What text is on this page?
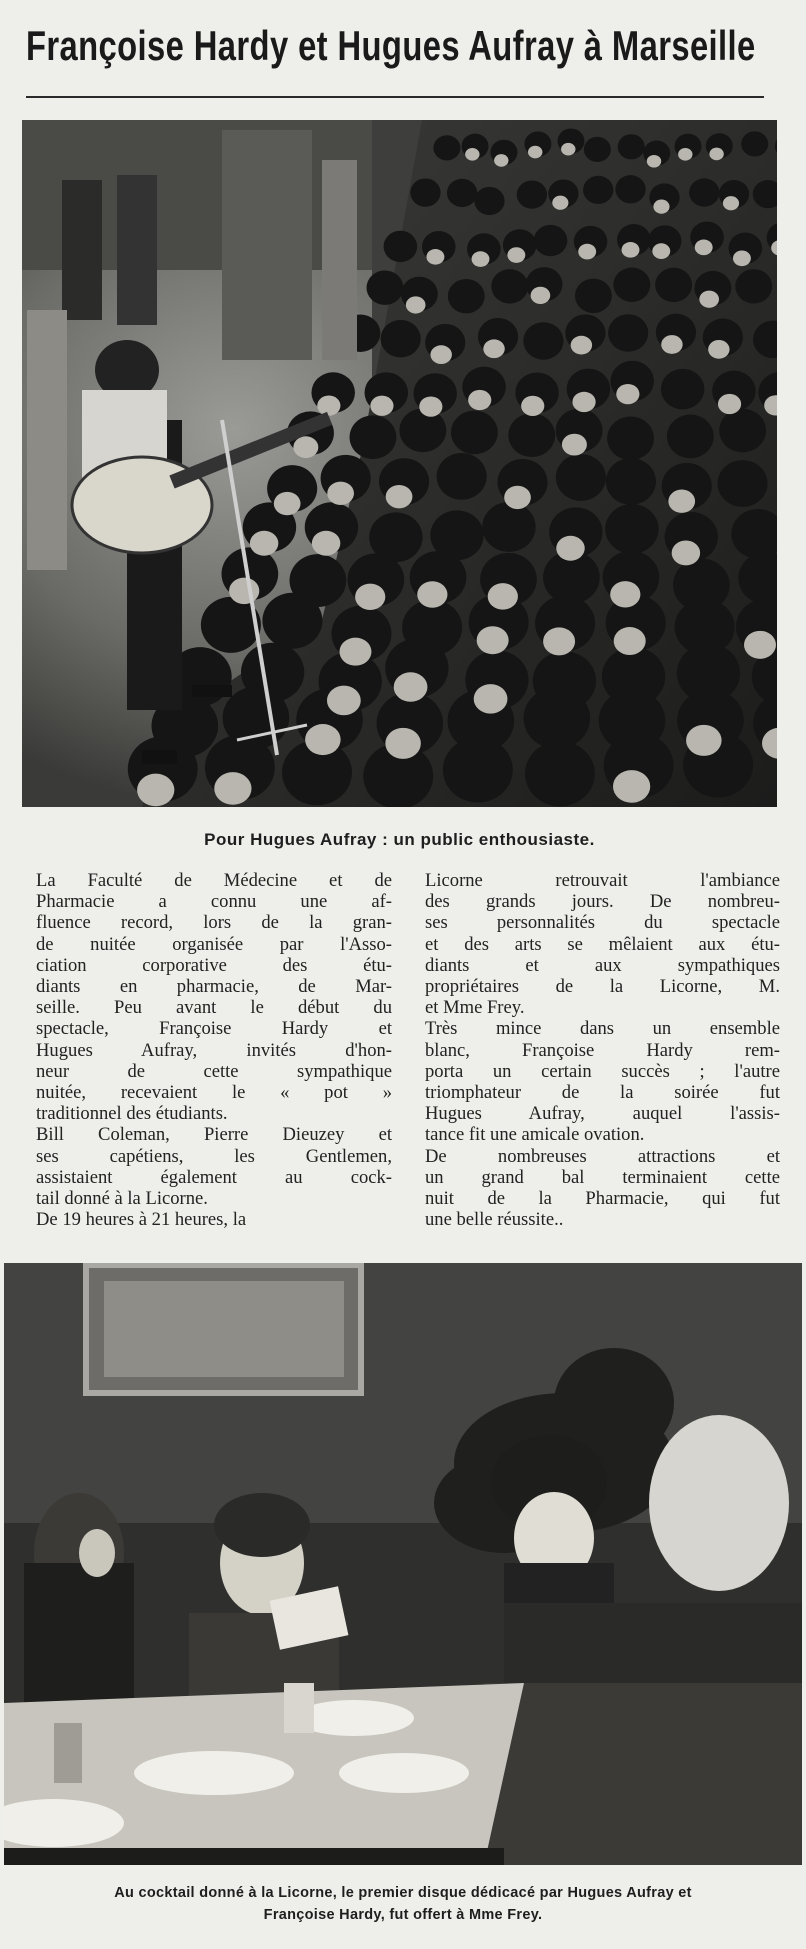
Françoise Hardy et Hugues Aufray à Marseille
Pour Hugues Aufray : un public enthousiaste.
La Faculté de Médecine et de
Pharmacie a connu une af-
fluence record, lors de la gran-
de nuitée organisée par l'Asso-
ciation corporative des étu-
diants en pharmacie, de Mar-
seille. Peu avant le début du
spectacle, Françoise Hardy et
Hugues Aufray, invités d'hon-
neur de cette sympathique
nuitée, recevaient le « pot »
traditionnel des étudiants.
Bill Coleman, Pierre Dieuzey et
ses capétiens, les Gentlemen,
assistaient également au cock-
tail donné à la Licorne.
De 19 heures à 21 heures, la
Licorne retrouvait l'ambiance
des grands jours. De nombreu-
ses personnalités du spectacle
et des arts se mêlaient aux étu-
diants et aux sympathiques
propriétaires de la Licorne, M.
et Mme Frey.
Très mince dans un ensemble
blanc, Françoise Hardy rem-
porta un certain succès ; l'autre
triomphateur de la soirée fut
Hugues Aufray, auquel l'assis-
tance fit une amicale ovation.
De nombreuses attractions et
un grand bal terminaient cette
nuit de la Pharmacie, qui fut
une belle réussite..
Au cocktail donné à la Licorne, le premier disque dédicacé par Hugues Aufray et
Françoise Hardy, fut offert à Mme Frey.
